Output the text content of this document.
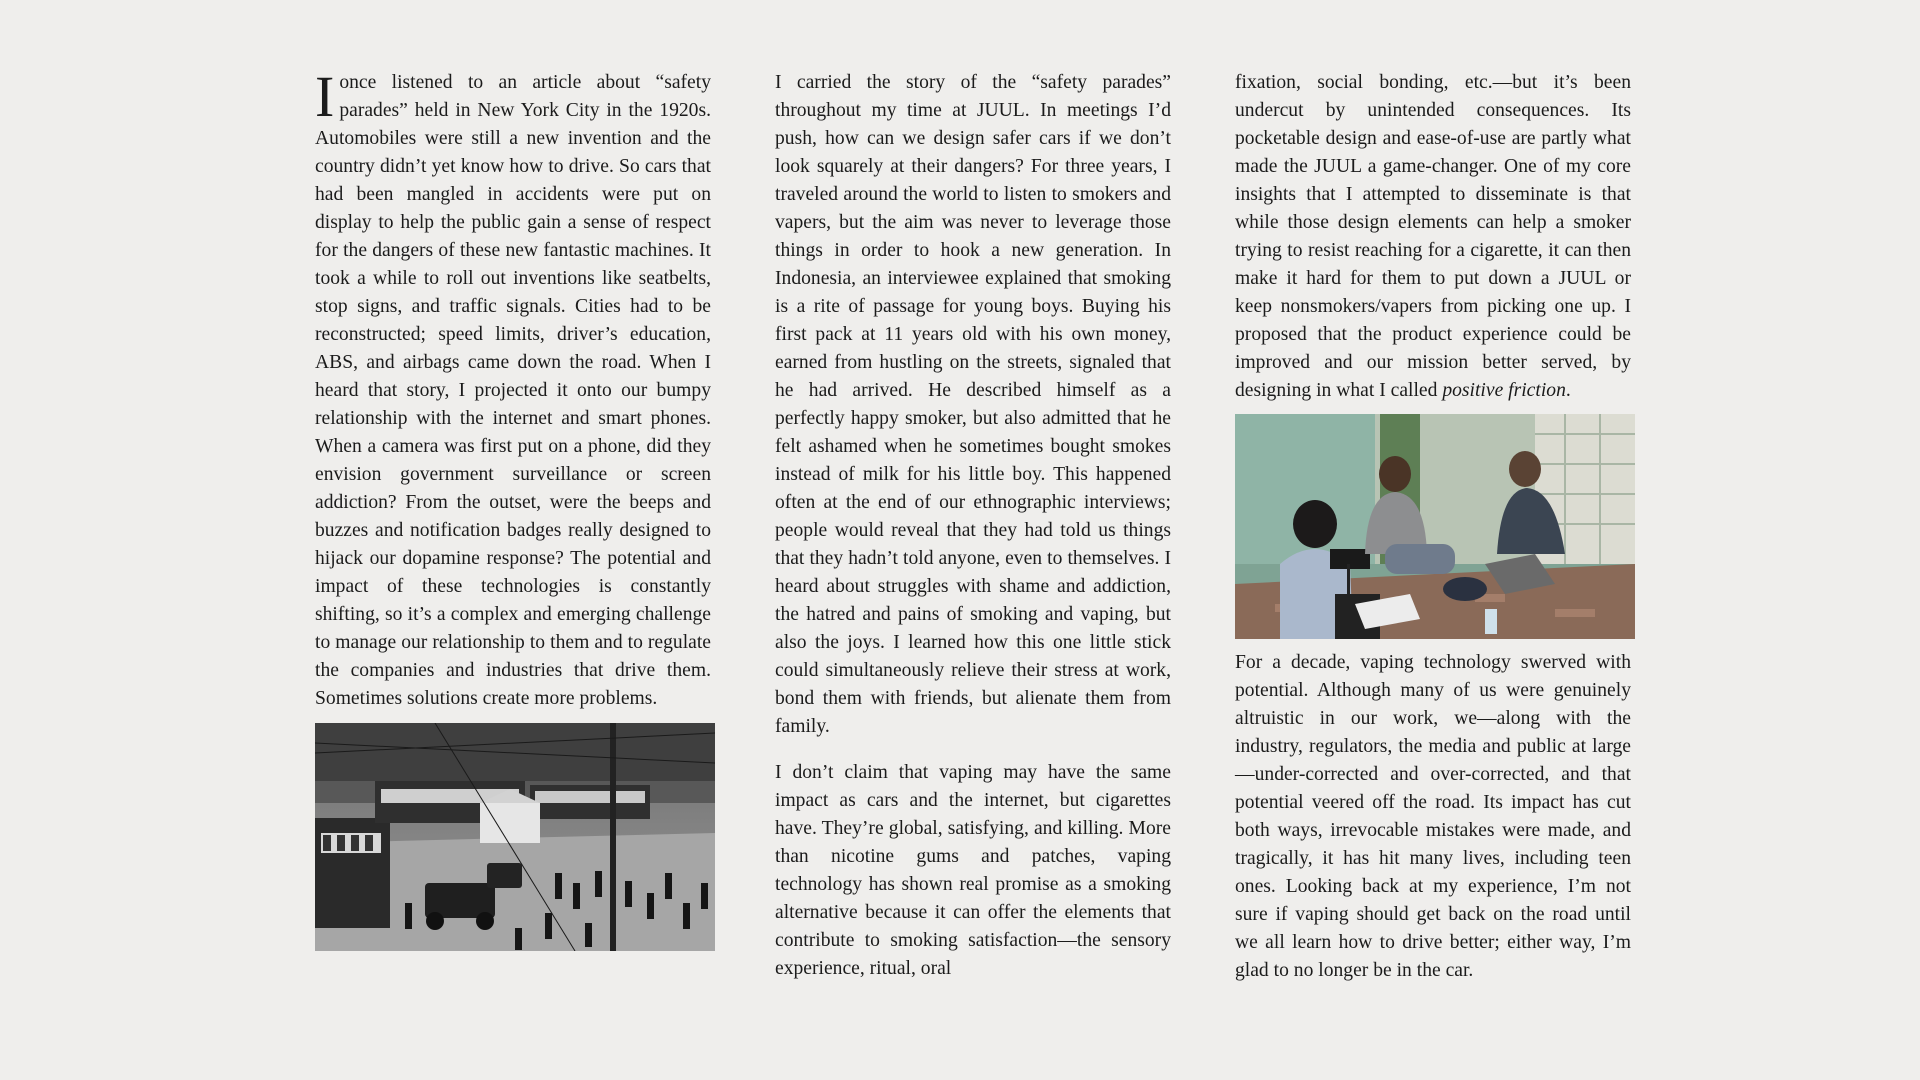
I once listened to an article about “safety parades” held in New York City in the 1920s. Automobiles were still a new invention and the country didn’t yet know how to drive. So cars that had been mangled in accidents were put on display to help the public gain a sense of respect for the dangers of these new fantastic machines. It took a while to roll out inventions like seatbelts, stop signs, and traffic signals. Cities had to be reconstructed; speed limits, driver’s education, ABS, and airbags came down the road. When I heard that story, I projected it onto our bumpy relationship with the internet and smart phones. When a camera was first put on a phone, did they envision government surveillance or screen addiction? From the outset, were the beeps and buzzes and notification badges really designed to hijack our dopamine response? The potential and impact of these technologies is constantly shifting, so it’s a complex and emerging challenge to manage our relationship to them and to regulate the companies and industries that drive them. Sometimes solutions create more problems.

I carried the story of the “safety parades” throughout my time at JUUL. In meetings I’d push, how can we design safer cars if we don’t look squarely at their dangers? For three years, I traveled around the world to listen to smokers and vapers, but the aim was never to leverage those things in order to hook a new generation. In Indonesia, an interviewee explained that smoking is a rite of passage for young boys. Buying his first pack at 11 years old with his own money, earned from hustling on the streets, signaled that he had arrived. He described himself as a perfectly happy smoker, but also admitted that he felt ashamed when he sometimes bought smokes instead of milk for his little boy. This happened often at the end of our ethnographic interviews; people would reveal that they had told us things that they hadn’t told anyone, even to themselves. I heard about struggles with shame and addiction, the hatred and pains of smoking and vaping, but also the joys. I learned how this one little stick could simultaneously relieve their stress at work, bond them with friends, but alienate them from family.

I don’t claim that vaping may have the same impact as cars and the internet, but cigarettes have. They’re global, satisfying, and killing. More than nicotine gums and patches, vaping technology has shown real promise as a smoking alternative because it can offer the elements that contribute to smoking satisfaction—the sensory experience, ritual, oral

fixation, social bonding, etc.—but it’s been undercut by unintended consequences. Its pocketable design and ease-of-use are partly what made the JUUL a game-changer. One of my core insights that I attempted to disseminate is that while those design elements can help a smoker trying to resist reaching for a cigarette, it can then make it hard for them to put down a JUUL or keep nonsmokers/vapers from picking one up. I proposed that the product experience could be improved and our mission better served, by designing in what I called positive friction.

For a decade, vaping technology swerved with potential. Although many of us were genuinely altruistic in our work, we—along with the industry, regulators, the media and public at large—under-corrected and over-corrected, and that potential veered off the road. Its impact has cut both ways, irrevocable mistakes were made, and tragically, it has hit many lives, including teen ones. Looking back at my experience, I’m not sure if vaping should get back on the road until we all learn how to drive better; either way, I’m glad to no longer be in the car.
